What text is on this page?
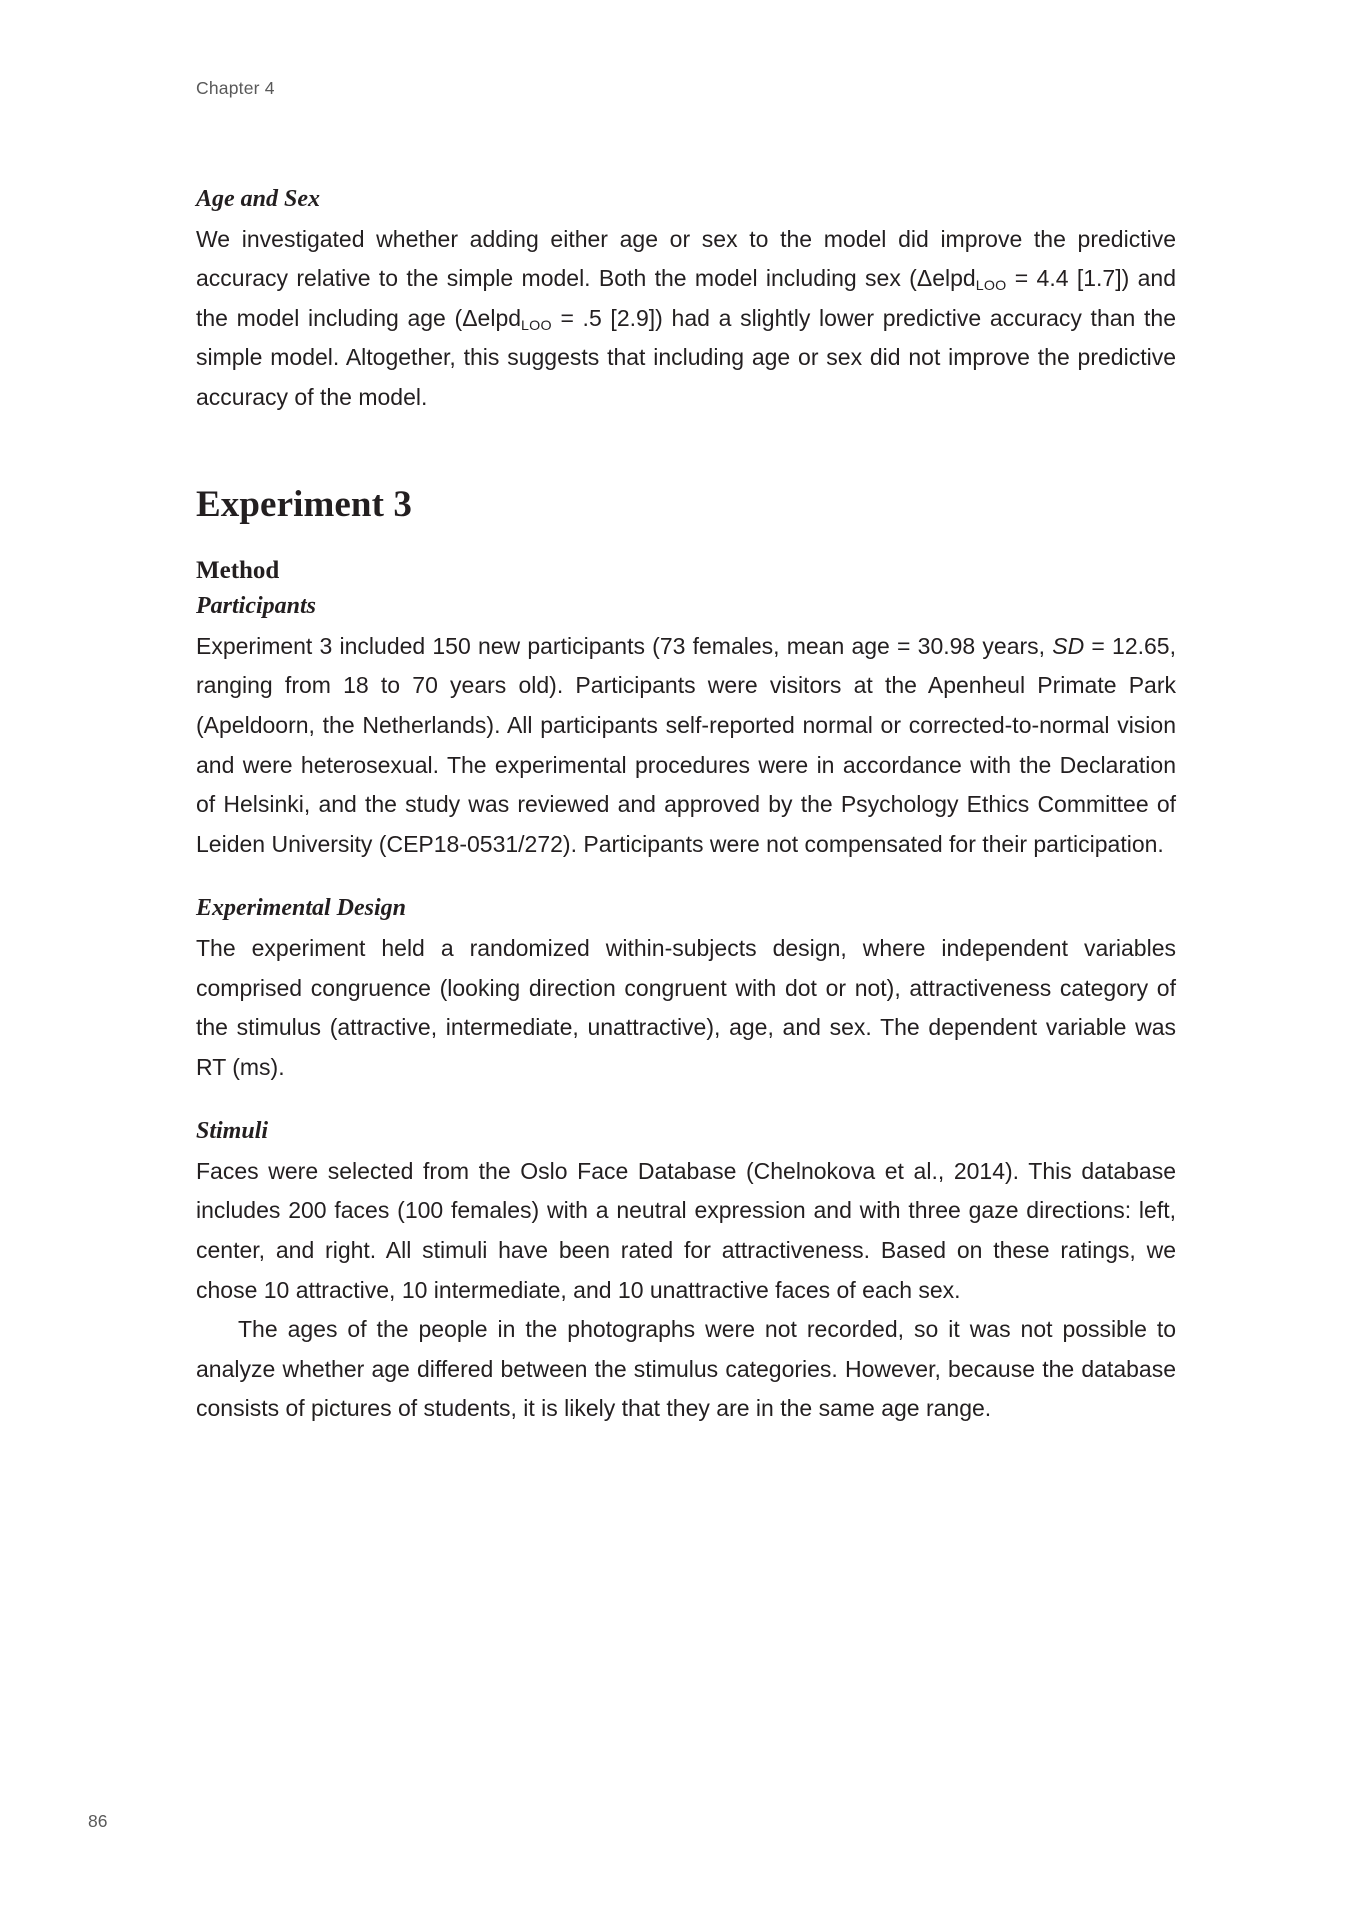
Chapter 4
Age and Sex

We investigated whether adding either age or sex to the model did improve the predictive accuracy relative to the simple model. Both the model including sex (Δelpd$_{LOO}$ = 4.4 [1.7]) and the model including age (Δelpd$_{LOO}$ = .5 [2.9]) had a slightly lower predictive accuracy than the simple model. Altogether, this suggests that including age or sex did not improve the predictive accuracy of the model.

Experiment 3
Method
Participants

Experiment 3 included 150 new participants (73 females, mean age = 30.98 years, SD = 12.65, ranging from 18 to 70 years old). Participants were visitors at the Apenheul Primate Park (Apeldoorn, the Netherlands). All participants self-reported normal or corrected-to-normal vision and were heterosexual. The experimental procedures were in accordance with the Declaration of Helsinki, and the study was reviewed and approved by the Psychology Ethics Committee of Leiden University (CEP18-0531/272). Participants were not compensated for their participation.

Experimental Design

The experiment held a randomized within-subjects design, where independent variables comprised congruence (looking direction congruent with dot or not), attractiveness category of the stimulus (attractive, intermediate, unattractive), age, and sex. The dependent variable was RT (ms).

Stimuli

Faces were selected from the Oslo Face Database (Chelnokova et al., 2014). This database includes 200 faces (100 females) with a neutral expression and with three gaze directions: left, center, and right. All stimuli have been rated for attractiveness. Based on these ratings, we chose 10 attractive, 10 intermediate, and 10 unattractive faces of each sex.

The ages of the people in the photographs were not recorded, so it was not possible to analyze whether age differed between the stimulus categories. However, because the database consists of pictures of students, it is likely that they are in the same age range.

86
